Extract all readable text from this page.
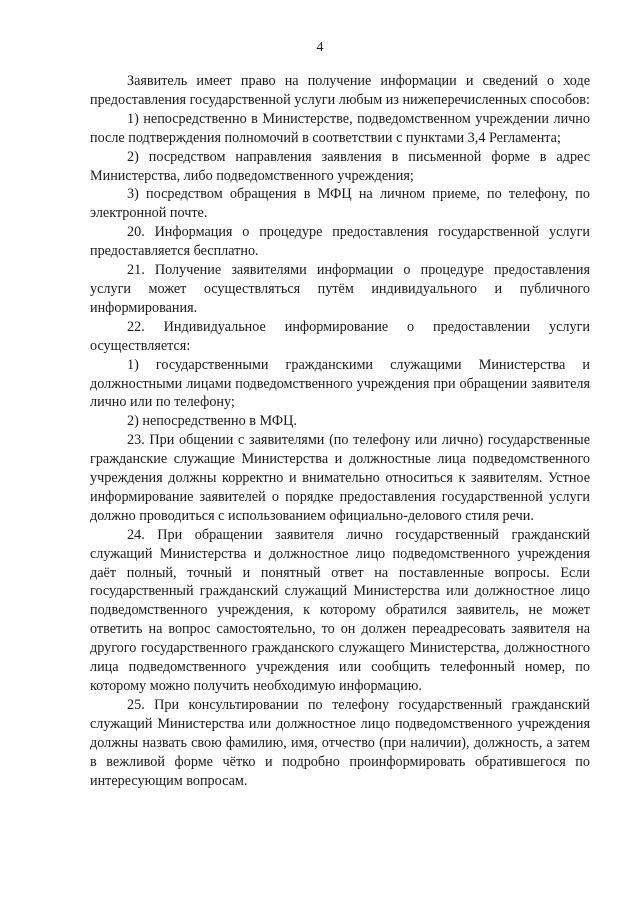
4

Заявитель имеет право на получение информации и сведений о ходе предоставления государственной услуги любым из нижеперечисленных способов:

1) непосредственно в Министерстве, подведомственном учреждении лично после подтверждения полномочий в соответствии с пунктами 3,4 Регламента;

2) посредством направления заявления в письменной форме в адрес Министерства, либо подведомственного учреждения;

3) посредством обращения в МФЦ на личном приеме, по телефону, по электронной почте.

20. Информация о процедуре предоставления государственной услуги предоставляется бесплатно.

21. Получение заявителями информации о процедуре предоставления услуги может осуществляться путём индивидуального и публичного информирования.

22. Индивидуальное информирование о предоставлении услуги осуществляется:

1) государственными гражданскими служащими Министерства и должностными лицами подведомственного учреждения при обращении заявителя лично или по телефону;

2) непосредственно в МФЦ.

23. При общении с заявителями (по телефону или лично) государственные гражданские служащие Министерства и должностные лица подведомственного учреждения должны корректно и внимательно относиться к заявителям. Устное информирование заявителей о порядке предоставления государственной услуги должно проводиться с использованием официально-делового стиля речи.

24. При обращении заявителя лично государственный гражданский служащий Министерства и должностное лицо подведомственного учреждения даёт полный, точный и понятный ответ на поставленные вопросы. Если государственный гражданский служащий Министерства или должностное лицо подведомственного учреждения, к которому обратился заявитель, не может ответить на вопрос самостоятельно, то он должен переадресовать заявителя на другого государственного гражданского служащего Министерства, должностного лица подведомственного учреждения или сообщить телефонный номер, по которому можно получить необходимую информацию.

25. При консультировании по телефону государственный гражданский служащий Министерства или должностное лицо подведомственного учреждения должны назвать свою фамилию, имя, отчество (при наличии), должность, а затем в вежливой форме чётко и подробно проинформировать обратившегося по интересующим вопросам.
